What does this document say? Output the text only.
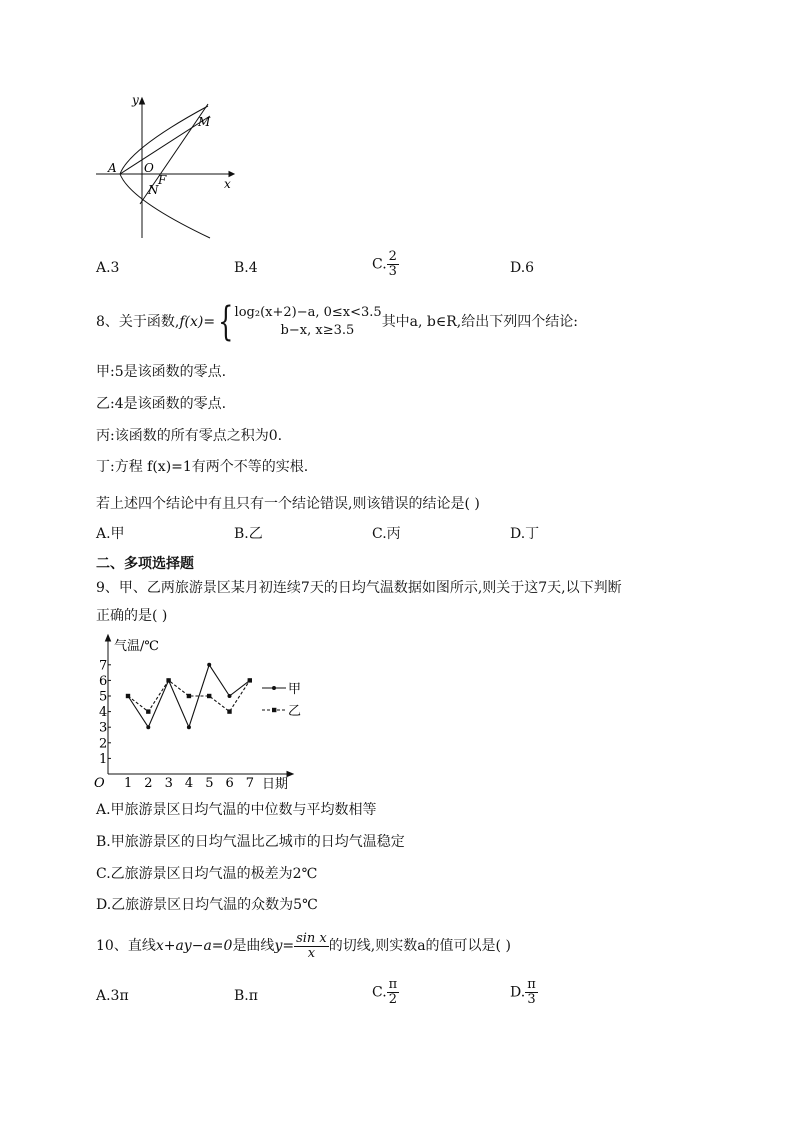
y
x
A O
F
N
M
A.3	B.4	C. $\frac{2}{3}$	D.6
8、关于函数,f(x)={ log₂(x+2)−a, 0≤x<3.5
b−x, x≥3.5
其中a, b∈R,给出下列四个结论:
甲:5是该函数的零点.
乙:4是该函数的零点.
丙:该函数的所有零点之积为0.
丁:方程 f(x)=1有两个不等的实根.
若上述四个结论中有且只有一个结论错误,则该错误的结论是( )
A.甲	B.乙	C.丙	D.丁
二、多项选择题
9、甲、乙两旅游景区某月初连续7天的日均气温数据如图所示,则关于这7天,以下判断
正确的是( )
气温/℃
日期
O
1
2
3
4
5
6
7
1 2 3 4 5 6 7
甲
乙
A.甲旅游景区日均气温的中位数与平均数相等
B.甲旅游景区的日均气温比乙城市的日均气温稳定
C.乙旅游景区日均气温的极差为2℃
D.乙旅游景区日均气温的众数为5℃
10、直线x+ay−a=0是曲线$y= \frac{\text{sin x}}{x}$ 的切线,则实数a的值可以是( )
A.3π	B.π	C. $\frac{\pi}{2}$	D. $\frac{\pi}{3}$
